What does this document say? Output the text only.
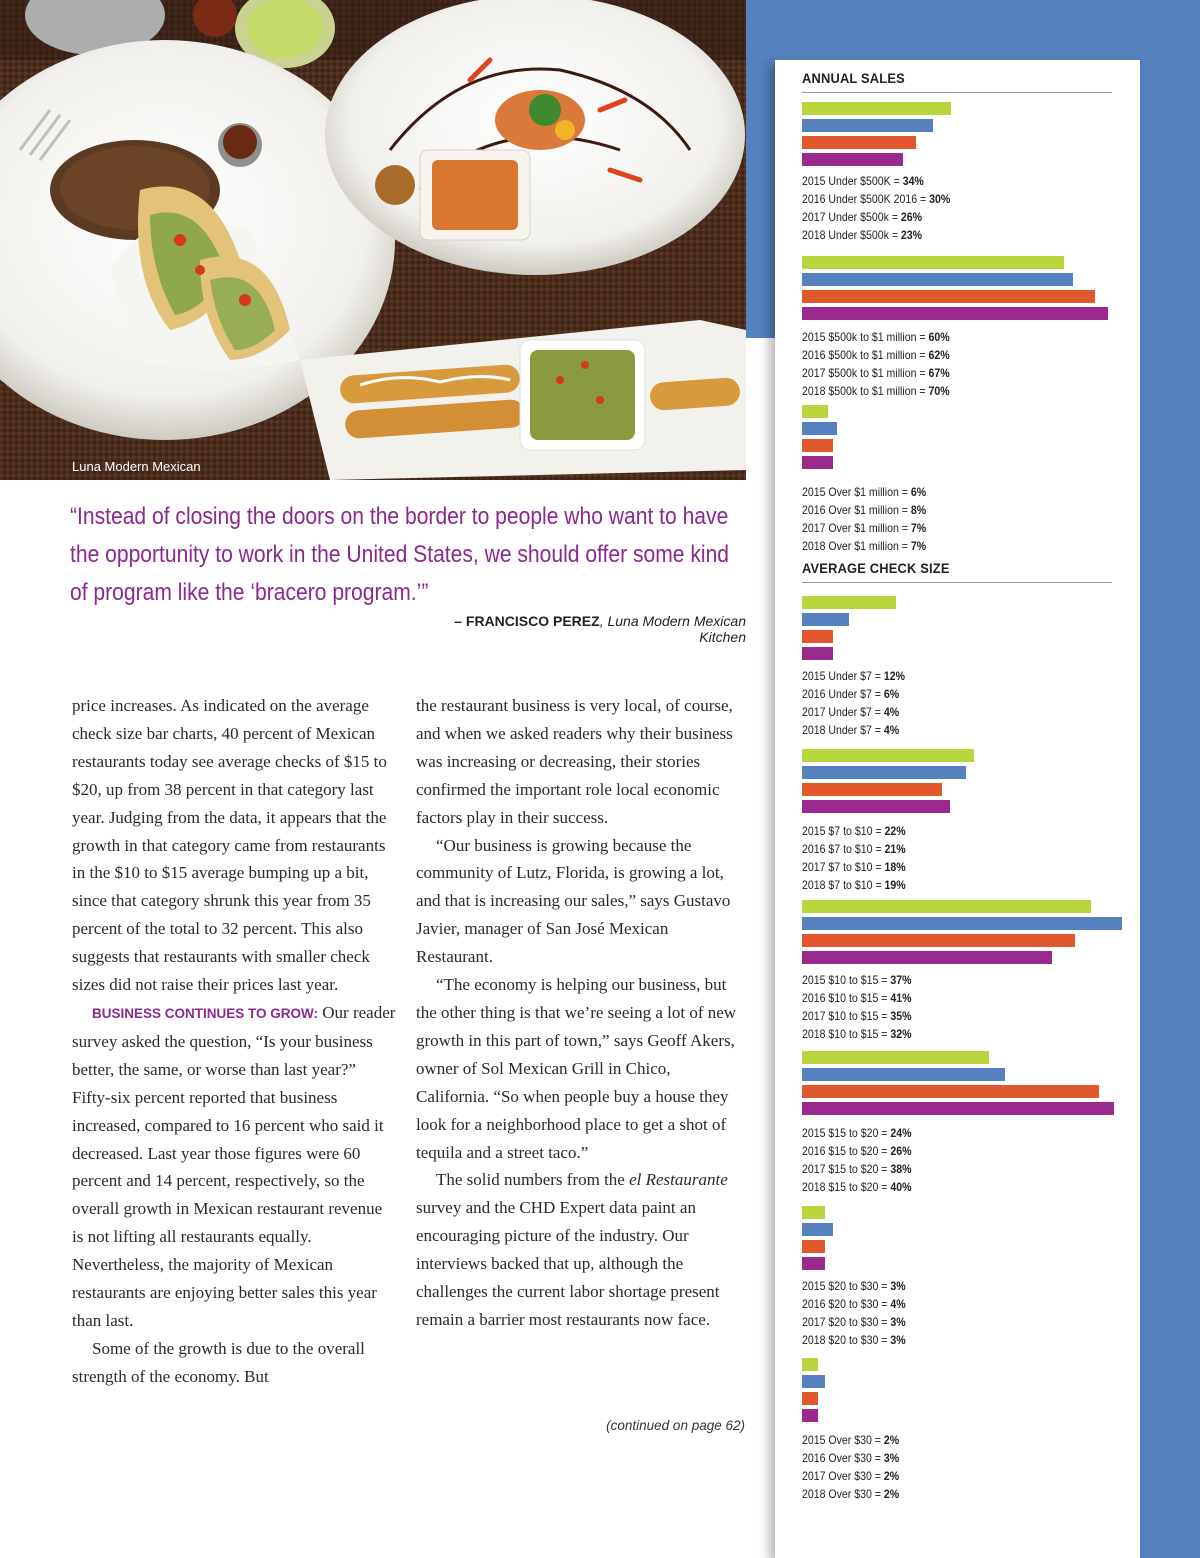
Luna Modern Mexican
ANNUAL SALES
2015 Under $500K = 34%
2016 Under $500K 2016 = 30%
2017 Under $500k = 26%
2018 Under $500k = 23%
2015 $500k to $1 million = 60%
2016 $500k to $1 million = 62%
2017 $500k to $1 million = 67%
2018 $500k to $1 million = 70%
2015 Over $1 million = 6%
2016 Over $1 million = 8%
2017 Over $1 million = 7%
2018 Over $1 million = 7%
AVERAGE CHECK SIZE
2015 Under $7 = 12%
2016 Under $7 = 6%
2017 Under $7 = 4%
2018 Under $7 = 4%
2015 $7 to $10 = 22%
2016 $7 to $10 = 21%
2017 $7 to $10 = 18%
2018 $7 to $10 = 19%
2015 $10 to $15 = 37%
2016 $10 to $15 = 41%
2017 $10 to $15 = 35%
2018 $10 to $15 = 32%
2015 $15 to $20 = 24%
2016 $15 to $20 = 26%
2017 $15 to $20 = 38%
2018 $15 to $20 = 40%
2015 $20 to $30 = 3%
2016 $20 to $30 = 4%
2017 $20 to $30 = 3%
2018 $20 to $30 = 3%
2015 Over $30 = 2%
2016 Over $30 = 3%
2017 Over $30 = 2%
2018 Over $30 = 2%
“Instead of closing the doors on the border to people who want to have the opportunity to work in the United States, we should offer some kind of program like the ‘bracero program.’”
– FRANCISCO PEREZ, Luna Modern Mexican Kitchen

price increases. As indicated on the average check size bar charts, 40 percent of Mexican restaurants today see average checks of $15 to $20, up from 38 percent in that category last year. Judging from the data, it appears that the growth in that category came from restaurants in the $10 to $15 average bumping up a bit, since that category shrunk this year from 35 percent of the total to 32 percent. This also suggests that restaurants with smaller check sizes did not raise their prices last year.

BUSINESS CONTINUES TO GROW: Our reader survey asked the question, “Is your business better, the same, or worse than last year?” Fifty-six percent reported that business increased, compared to 16 percent who said it decreased. Last year those figures were 60 percent and 14 percent, respectively, so the overall growth in Mexican restaurant revenue is not lifting all restaurants equally. Nevertheless, the majority of Mexican restaurants are enjoying better sales this year than last.

Some of the growth is due to the overall strength of the economy. But

the restaurant business is very local, of course, and when we asked readers why their business was increasing or decreasing, their stories confirmed the important role local economic factors play in their success.

“Our business is growing because the community of Lutz, Florida, is growing a lot, and that is increasing our sales,” says Gustavo Javier, manager of San José Mexican Restaurant.

“The economy is helping our business, but the other thing is that we’re seeing a lot of new growth in this part of town,” says Geoff Akers, owner of Sol Mexican Grill in Chico, California. “So when people buy a house they look for a neighborhood place to get a shot of tequila and a street taco.”

The solid numbers from the el Restaurante survey and the CHD Expert data paint an encouraging picture of the industry. Our interviews backed that up, although the challenges the current labor shortage present remain a barrier most restaurants now face.

(continued on page 62)
